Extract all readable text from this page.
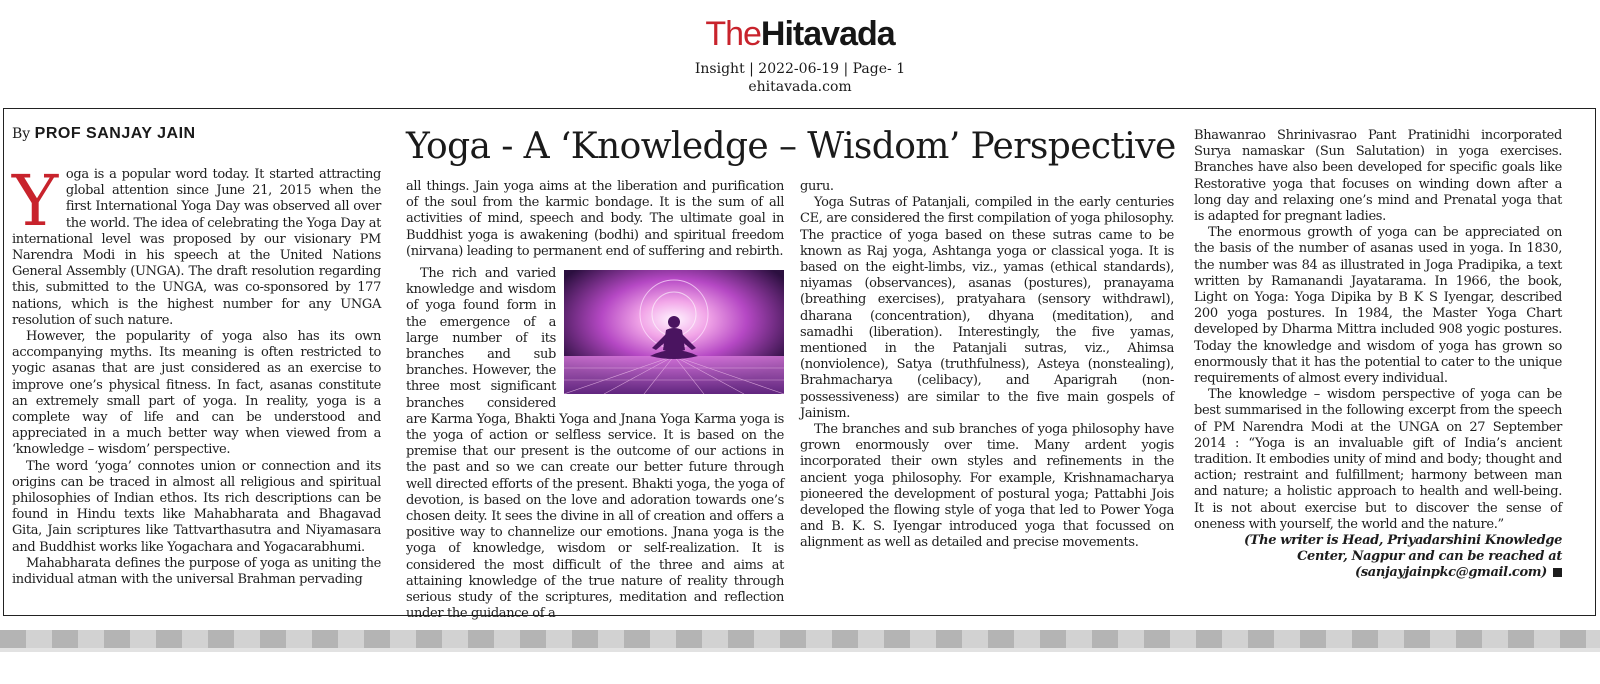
TheHitavada
Insight | 2022-06-19 | Page- 1
ehitavada.com
By PROF SANJAY JAIN	Yoga - A ‘Knowledge – Wisdom’ Perspective

Yoga is a popular word today. It started attracting global attention since June 21, 2015 when the first International Yoga Day was observed all over the world. The idea of celebrating the Yoga Day at international level was proposed by our visionary PM Narendra Modi in his speech at the United Nations General Assembly (UNGA). The draft resolution regarding this, submitted to the UNGA, was co-sponsored by 177 nations, which is the highest number for any UNGA resolution of such nature.

However, the popularity of yoga also has its own accompanying myths. Its meaning is often restricted to yogic asanas that are just considered as an exercise to improve one’s physical fitness. In fact, asanas constitute an extremely small part of yoga. In reality, yoga is a complete way of life and can be understood and appreciated in a much better way when viewed from a ‘knowledge – wisdom’ perspective.

The word ‘yoga’ connotes union or connection and its origins can be traced in almost all religious and spiritual philosophies of Indian ethos. Its rich descriptions can be found in Hindu texts like Mahabharata and Bhagavad Gita, Jain scriptures like Tattvarthasutra and Niyamasara and Buddhist works like Yogachara and Yogacarabhumi.

Mahabharata defines the purpose of yoga as uniting the individual atman with the universal Brahman pervading

all things. Jain yoga aims at the liberation and purification of the soul from the karmic bondage. It is the sum of all activities of mind, speech and body. The ultimate goal in Buddhist yoga is awakening (bodhi) and spiritual freedom (nirvana) leading to permanent end of suffering and rebirth.

The rich and varied knowledge and wisdom of yoga found form in the emergence of a large number of its branches and sub branches. However, the three most significant branches considered are Karma Yoga, Bhakti Yoga and Jnana Yoga Karma yoga is the yoga of action or selfless service. It is based on the premise that our present is the outcome of our actions in the past and so we can create our better future through well directed efforts of the present. Bhakti yoga, the yoga of devotion, is based on the love and adoration towards one’s chosen deity. It sees the divine in all of creation and offers a positive way to channelize our emotions. Jnana yoga is the yoga of knowledge, wisdom or self-realization. It is considered the most difficult of the three and aims at attaining knowledge of the true nature of reality through serious study of the scriptures, meditation and reflection under the guidance of a

guru.

Yoga Sutras of Patanjali, compiled in the early centuries CE, are considered the first compilation of yoga philosophy. The practice of yoga based on these sutras came to be known as Raj yoga, Ashtanga yoga or classical yoga. It is based on the eight-limbs, viz., yamas (ethical standards), niyamas (observances), asanas (postures), pranayama (breathing exercises), pratyahara (sensory withdrawl), dharana (concentration), dhyana (meditation), and samadhi (liberation). Interestingly, the five yamas, mentioned in the Patanjali sutras, viz., Ahimsa (nonviolence), Satya (truthfulness), Asteya (nonstealing), Brahmacharya (celibacy), and Aparigrah (non-possessiveness) are similar to the five main gospels of Jainism.

The branches and sub branches of yoga philosophy have grown enormously over time. Many ardent yogis incorporated their own styles and refinements in the ancient yoga philosophy. For example, Krishnamacharya pioneered the development of postural yoga; Pattabhi Jois developed the flowing style of yoga that led to Power Yoga and B. K. S. Iyengar introduced yoga that focussed on alignment as well as detailed and precise movements.

Bhawanrao Shrinivasrao Pant Pratinidhi incorporated Surya namaskar (Sun Salutation) in yoga exercises. Branches have also been developed for specific goals like Restorative yoga that focuses on winding down after a long day and relaxing one’s mind and Prenatal yoga that is adapted for pregnant ladies.

The enormous growth of yoga can be appreciated on the basis of the number of asanas used in yoga. In 1830, the number was 84 as illustrated in Joga Pradipika, a text written by Ramanandi Jayatarama. In 1966, the book, Light on Yoga: Yoga Dipika by B K S Iyengar, described 200 yoga postures. In 1984, the Master Yoga Chart developed by Dharma Mittra included 908 yogic postures. Today the knowledge and wisdom of yoga has grown so enormously that it has the potential to cater to the unique requirements of almost every individual.

The knowledge – wisdom perspective of yoga can be best summarised in the following excerpt from the speech of PM Narendra Modi at the UNGA on 27 September 2014 : “Yoga is an invaluable gift of India’s ancient tradition. It embodies unity of mind and body; thought and action; restraint and fulfillment; harmony between man and nature; a holistic approach to health and well-being. It is not about exercise but to discover the sense of oneness with yourself, the world and the nature.”

(The writer is Head, Priyadarshini Knowledge Center, Nagpur and can be reached at (sanjayjainpkc@gmail.com)
